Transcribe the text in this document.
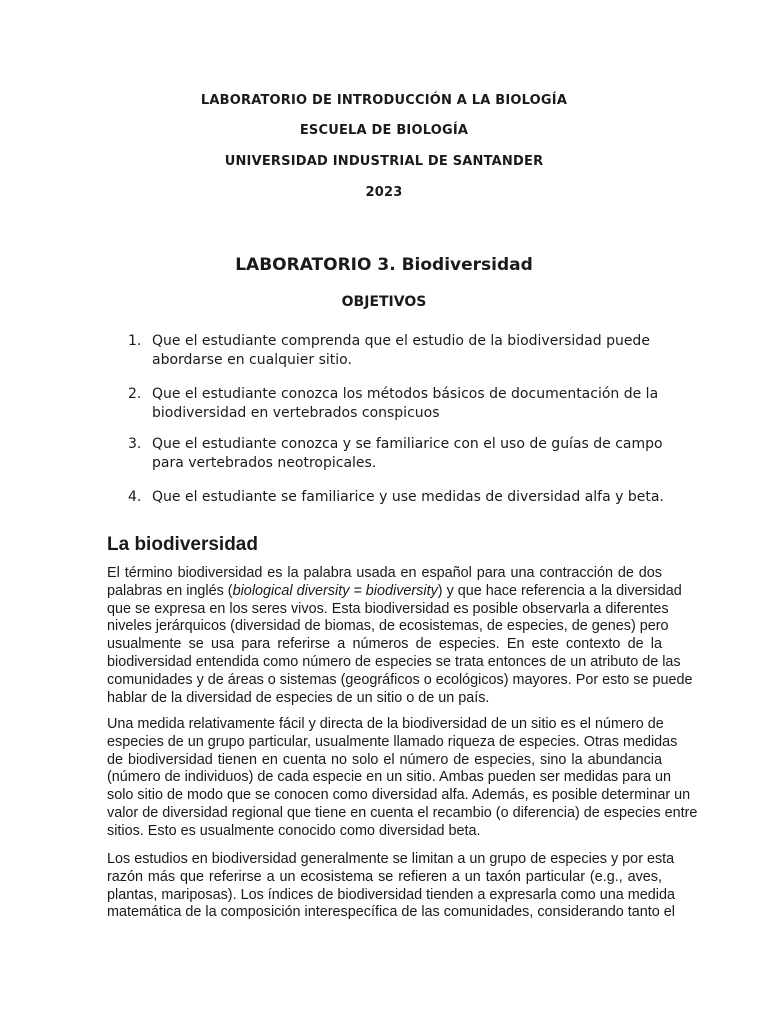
LABORATORIO DE INTRODUCCIÓN A LA BIOLOGÍA
ESCUELA DE BIOLOGÍA
UNIVERSIDAD INDUSTRIAL DE SANTANDER
2023
LABORATORIO 3. Biodiversidad
OBJETIVOS
1. Que el estudiante comprenda que el estudio de la biodiversidad puede
abordarse en cualquier sitio.
2. Que el estudiante conozca los métodos básicos de documentación de la
biodiversidad en vertebrados conspicuos
3. Que el estudiante conozca y se familiarice con el uso de guías de campo
para vertebrados neotropicales.
4. Que el estudiante se familiarice y use medidas de diversidad alfa y beta.
La biodiversidad
El término biodiversidad es la palabra usada en español para una contracción de dos
palabras en inglés (biological diversity = biodiversity) y que hace referencia a la diversidad
que se expresa en los seres vivos. Esta biodiversidad es posible observarla a diferentes
niveles jerárquicos (diversidad de biomas, de ecosistemas, de especies, de genes) pero
usualmente se usa para referirse a números de especies. En este contexto de la
biodiversidad entendida como número de especies se trata entonces de un atributo de las
comunidades y de áreas o sistemas (geográficos o ecológicos) mayores. Por esto se puede
hablar de la diversidad de especies de un sitio o de un país.
Una medida relativamente fácil y directa de la biodiversidad de un sitio es el número de
especies de un grupo particular, usualmente llamado riqueza de especies. Otras medidas
de biodiversidad tienen en cuenta no solo el número de especies, sino la abundancia
(número de individuos) de cada especie en un sitio. Ambas pueden ser medidas para un
solo sitio de modo que se conocen como diversidad alfa. Además, es posible determinar un
valor de diversidad regional que tiene en cuenta el recambio (o diferencia) de especies entre
sitios. Esto es usualmente conocido como diversidad beta.
Los estudios en biodiversidad generalmente se limitan a un grupo de especies y por esta
razón más que referirse a un ecosistema se refieren a un taxón particular (e.g., aves,
plantas, mariposas). Los índices de biodiversidad tienden a expresarla como una medida
matemática de la composición interespecífica de las comunidades, considerando tanto el
